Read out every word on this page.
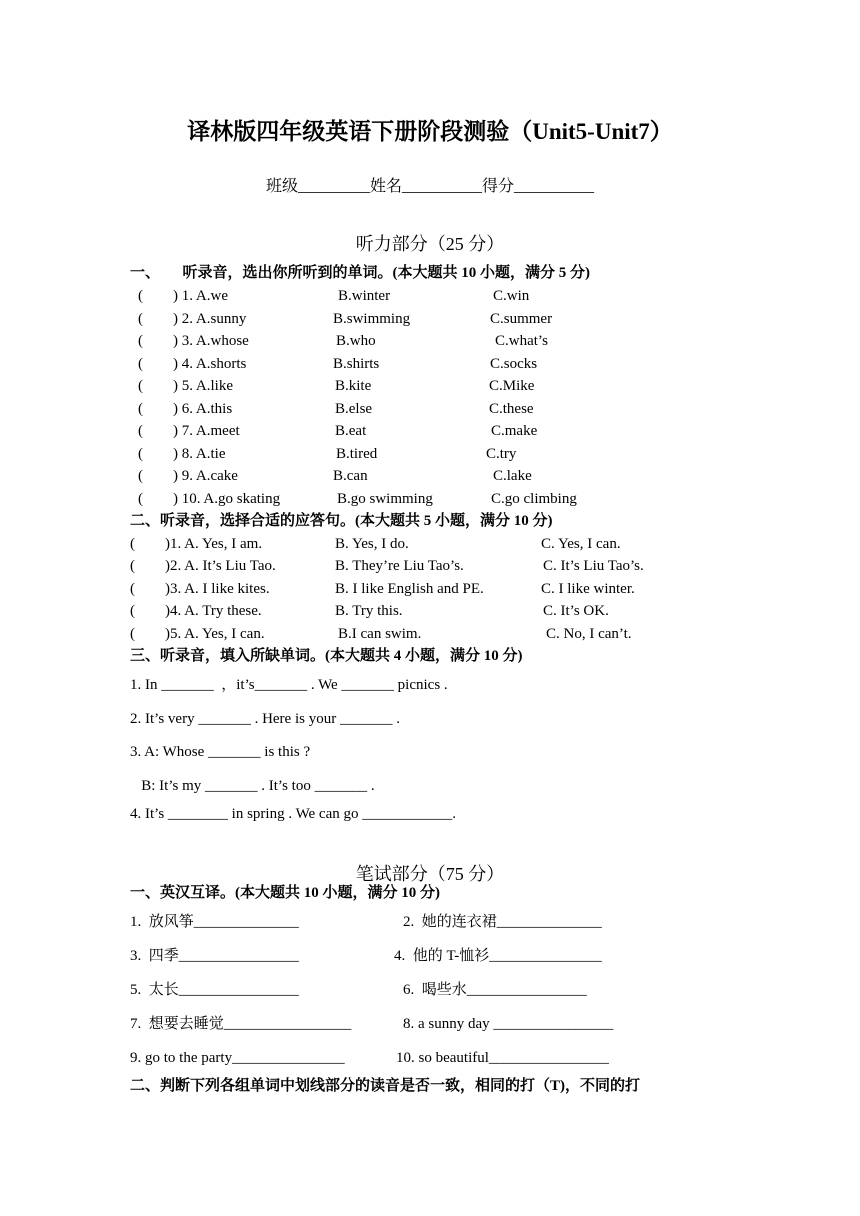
译林版四年级英语下册阶段测验（Unit5-Unit7）
班级_________姓名__________得分__________
听力部分（25 分）
一、      听录音，选出你所听到的单词。(本大题共 10 小题，满分 5 分)
(        ) 1. A.we	B.winter	C.win
(        ) 2. A.sunny	B.swimming	C.summer
(        ) 3. A.whose	B.who	C.what’s
(        ) 4. A.shorts	B.shirts	C.socks
(        ) 5. A.like	B.kite	C.Mike
(        ) 6. A.this	B.else	C.these
(        ) 7. A.meet	B.eat	C.make
(        ) 8. A.tie	B.tired	C.try
(        ) 9. A.cake	B.can	C.lake
(        ) 10. A.go skating	B.go swimming	C.go climbing
二、听录音，选择合适的应答句。(本大题共 5 小题，满分 10 分)
(        )1. A. Yes, I am.	B. Yes, I do.	C. Yes, I can.
(        )2. A. It’s Liu Tao.	B. They’re Liu Tao’s.	C. It’s Liu Tao’s.
(        )3. A. I like kites.	B. I like English and PE.	C. I like winter.
(        )4. A. Try these.	B. Try this.	C. It’s OK.
(        )5. A. Yes, I can.	B.I can swim.	C. No, I can’t.
三、听录音，填入所缺单词。(本大题共 4 小题，满分 10 分)
1. In _______  ，it’s_______ . We _______ picnics .
2. It’s very _______ . Here is your _______ .
3. A: Whose _______ is this ?
B: It’s my _______ . It’s too _______ .
4. It’s ________ in spring . We can go ____________.
笔试部分（75 分）
一、英汉互译。(本大题共 10 小题，满分 10 分)
1.  放风筝______________	2.  她的连衣裙______________
3.  四季________________	4.  他的 T-恤衫_______________
5.  太长________________	6.  喝些水________________
7.  想要去睡觉_________________	8. a sunny day ________________
9. go to the party_______________	10. so beautiful________________
二、判断下列各组单词中划线部分的读音是否一致，相同的打（T)，不同的打
